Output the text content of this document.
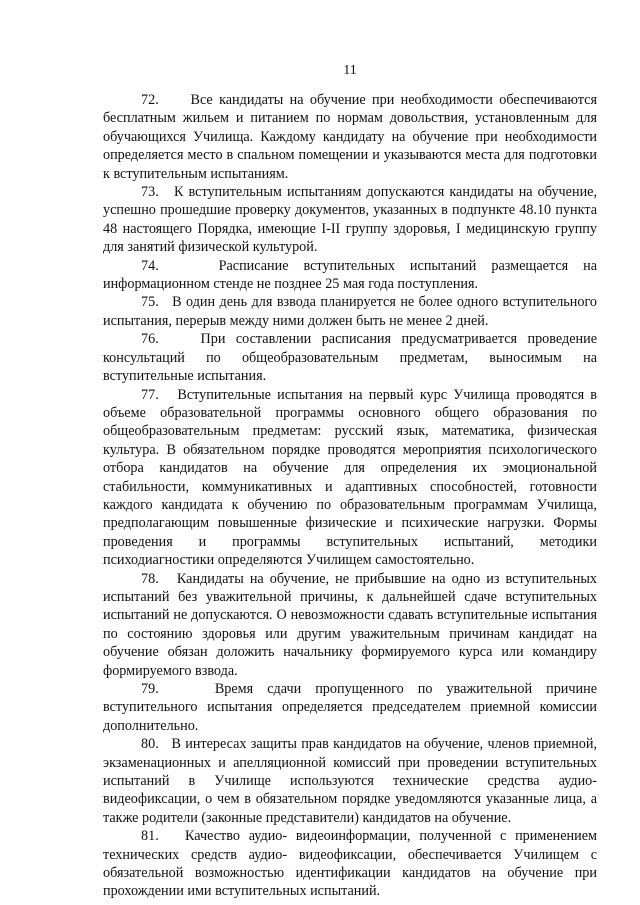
11

72. Все кандидаты на обучение при необходимости обеспечиваются бесплатным жильем и питанием по нормам довольствия, установленным для обучающихся Училища. Каждому кандидату на обучение при необходимости определяется место в спальном помещении и указываются места для подготовки к вступительным испытаниям.

73. К вступительным испытаниям допускаются кандидаты на обучение, успешно прошедшие проверку документов, указанных в подпункте 48.10 пункта 48 настоящего Порядка, имеющие I-II группу здоровья, I медицинскую группу для занятий физической культурой.

74.	Расписание вступительных испытаний размещается на информационном стенде не позднее 25 мая года поступления.

75. В один день для взвода планируется не более одного вступительного испытания, перерыв между ними должен быть не менее 2 дней.

76.	При составлении расписания предусматривается проведение консультаций по общеобразовательным предметам, выносимым на вступительные испытания.

77. Вступительные испытания на первый курс Училища проводятся в объеме образовательной программы основного общего образования по общеобразовательным предметам: русский язык, математика, физическая культура. В обязательном порядке проводятся мероприятия психологического отбора кандидатов на обучение для определения их эмоциональной стабильности, коммуникативных и адаптивных способностей, готовности каждого кандидата к обучению по образовательным программам Училища, предполагающим повышенные физические и психические нагрузки. Формы проведения и программы вступительных испытаний, методики психодиагностики определяются Училищем самостоятельно.

78. Кандидаты на обучение, не прибывшие на одно из вступительных испытаний без уважительной причины, к дальнейшей сдаче вступительных испытаний не допускаются. О невозможности сдавать вступительные испытания по состоянию здоровья или другим уважительным причинам кандидат на обучение обязан доложить начальнику формируемого курса или командиру формируемого взвода.

79.	Время сдачи пропущенного по уважительной причине вступительного испытания определяется председателем приемной комиссии дополнительно.

80. В интересах защиты прав кандидатов на обучение, членов приемной, экзаменационных и апелляционной комиссий при проведении вступительных испытаний в Училище используются технические средства аудио-видеофиксации, о чем в обязательном порядке уведомляются указанные лица, а также родители (законные представители) кандидатов на обучение.

81. Качество аудио- видеоинформации, полученной с применением технических средств аудио- видеофиксации, обеспечивается Училищем с обязательной возможностью идентификации кандидатов на обучение при прохождении ими вступительных испытаний.
